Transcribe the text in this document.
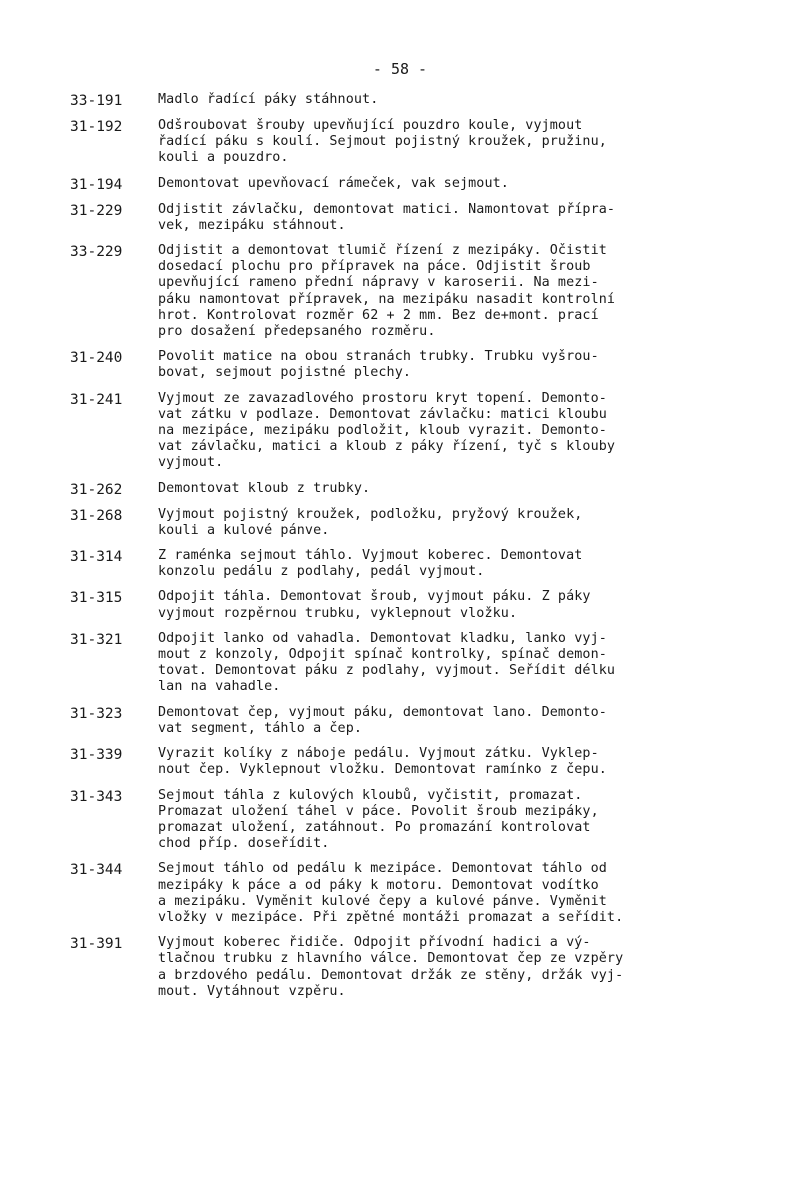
- 58 -
33-191	Madlo řadící páky stáhnout.
31-192	Odšroubovat šrouby upevňující pouzdro koule, vyjmout
řadící páku s koulí. Sejmout pojistný kroužek, pružinu,
kouli a pouzdro.
31-194	Demontovat upevňovací rámeček, vak sejmout.
31-229	Odjistit závlačku, demontovat matici. Namontovat přípra-
vek, mezipáku stáhnout.
33-229	Odjistit a demontovat tlumič řízení z mezipáky. Očistit
dosedací plochu pro přípravek na páce. Odjistit šroub
upevňující rameno přední nápravy v karoserii. Na mezi-
páku namontovat přípravek, na mezipáku nasadit kontrolní
hrot. Kontrolovat rozměr 62 + 2 mm. Bez de+mont. prací
pro dosažení předepsaného rozměru.
31-240	Povolit matice na obou stranách trubky. Trubku vyšrou-
bovat, sejmout pojistné plechy.
31-241	Vyjmout ze zavazadlového prostoru kryt topení. Demonto-
vat zátku v podlaze. Demontovat závlačku: matici kloubu
na mezipáce, mezipáku podložit, kloub vyrazit. Demonto-
vat závlačku, matici a kloub z páky řízení, tyč s klouby
vyjmout.
31-262	Demontovat kloub z trubky.
31-268	Vyjmout pojistný kroužek, podložku, pryžový kroužek,
kouli a kulové pánve.
31-314	Z raménka sejmout táhlo. Vyjmout koberec. Demontovat
konzolu pedálu z podlahy, pedál vyjmout.
31-315	Odpojit táhla. Demontovat šroub, vyjmout páku. Z páky
vyjmout rozpěrnou trubku, vyklepnout vložku.
31-321	Odpojit lanko od vahadla. Demontovat kladku, lanko vyj-
mout z konzoly, Odpojit spínač kontrolky, spínač demon-
tovat. Demontovat páku z podlahy, vyjmout. Seřídit délku
lan na vahadle.
31-323	Demontovat čep, vyjmout páku, demontovat lano. Demonto-
vat segment, táhlo a čep.
31-339	Vyrazit kolíky z náboje pedálu. Vyjmout zátku. Vyklep-
nout čep. Vyklepnout vložku. Demontovat ramínko z čepu.
31-343	Sejmout táhla z kulových kloubů, vyčistit, promazat.
Promazat uložení táhel v páce. Povolit šroub mezipáky,
promazat uložení, zatáhnout. Po promazání kontrolovat
chod příp. doseřídit.
31-344	Sejmout táhlo od pedálu k mezipáce. Demontovat táhlo od
mezipáky k páce a od páky k motoru. Demontovat vodítko
a mezipáku. Vyměnit kulové čepy a kulové pánve. Vyměnit
vložky v mezipáce. Při zpětné montáži promazat a seřídit.
31-391	Vyjmout koberec řidiče. Odpojit přívodní hadici a vý-
tlačnou trubku z hlavního válce. Demontovat čep ze vzpěry
a brzdového pedálu. Demontovat držák ze stěny, držák vyj-
mout. Vytáhnout vzpěru.
